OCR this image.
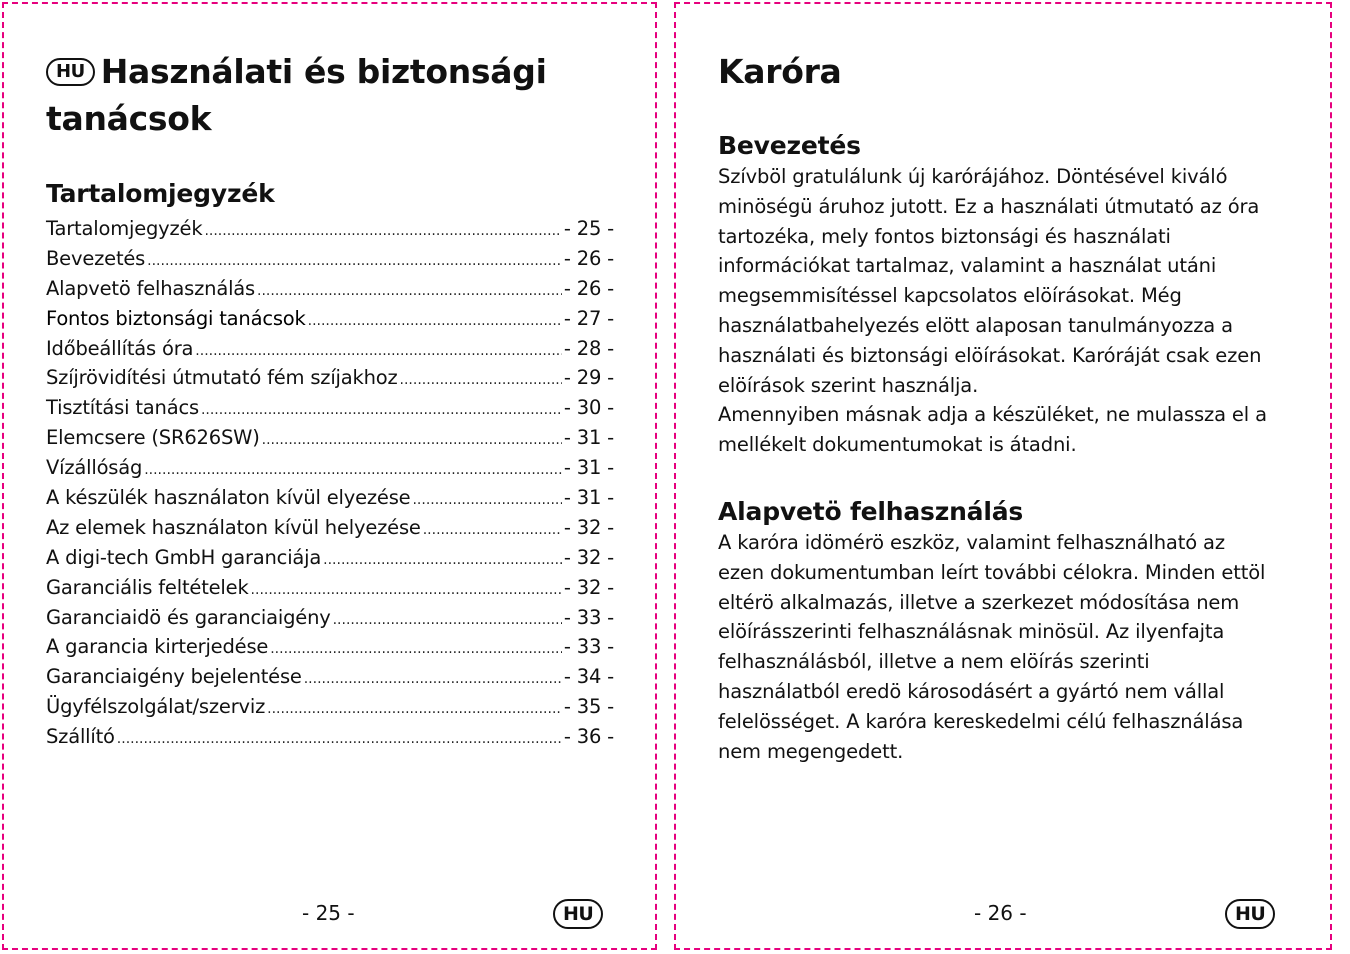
HU Használati és biztonsági tanácsok
Tartalomjegyzék
Tartalomjegyzék .....	- 25 -
Bevezetés .....	- 26 -
Alapvetö felhasználás .....	- 26 -
Fontos biztonsági tanácsok .....	- 27 -
Időbeállítás óra .....	- 28 -
Szíjrövidítési útmutató fém szíjakhoz .....	- 29 -
Tisztítási tanács .....	- 30 -
Elemcsere (SR626SW) .....	- 31 -
Vízállóság .....	- 31 -
A készülék használaton kívül elyezése .....	- 31 -
Az elemek használaton kívül helyezése .....	- 32 -
A digi-tech GmbH garanciája .....	- 32 -
Garanciális feltételek .....	- 32 -
Garanciaidö és garanciaigény .....	- 33 -
A garancia kirterjedése .....	- 33 -
Garanciaigény bejelentése .....	- 34 -
Ügyfélszolgálat/szerviz .....	- 35 -
Szállító .....	- 36 -
- 25 -	HU
Karóra
Bevezetés
Szívböl gratulálunk új karórájához. Döntésével kiváló
minöségü áruhoz jutott. Ez a használati útmutató az óra
tartozéka, mely fontos biztonsági és használati
információkat tartalmaz, valamint a használat utáni
megsemmisítéssel kapcsolatos elöírásokat. Még
használatbahelyezés elött alaposan tanulmányozza a
használati és biztonsági elöírásokat. Karóráját csak ezen
elöírások szerint használja.
Amennyiben másnak adja a készüléket, ne mulassza el a
mellékelt dokumentumokat is átadni.
Alapvetö felhasználás
A karóra idömérö eszköz, valamint felhasználható az
ezen dokumentumban leírt további célokra. Minden ettöl
eltérö alkalmazás, illetve a szerkezet módosítása nem
elöírásszerinti felhasználásnak minösül. Az ilyenfajta
felhasználásból, illetve a nem elöírás szerinti
használatból eredö károsodásért a gyártó nem vállal
felelösséget. A karóra kereskedelmi célú felhasználása
nem megengedett.
- 26 -	HU
